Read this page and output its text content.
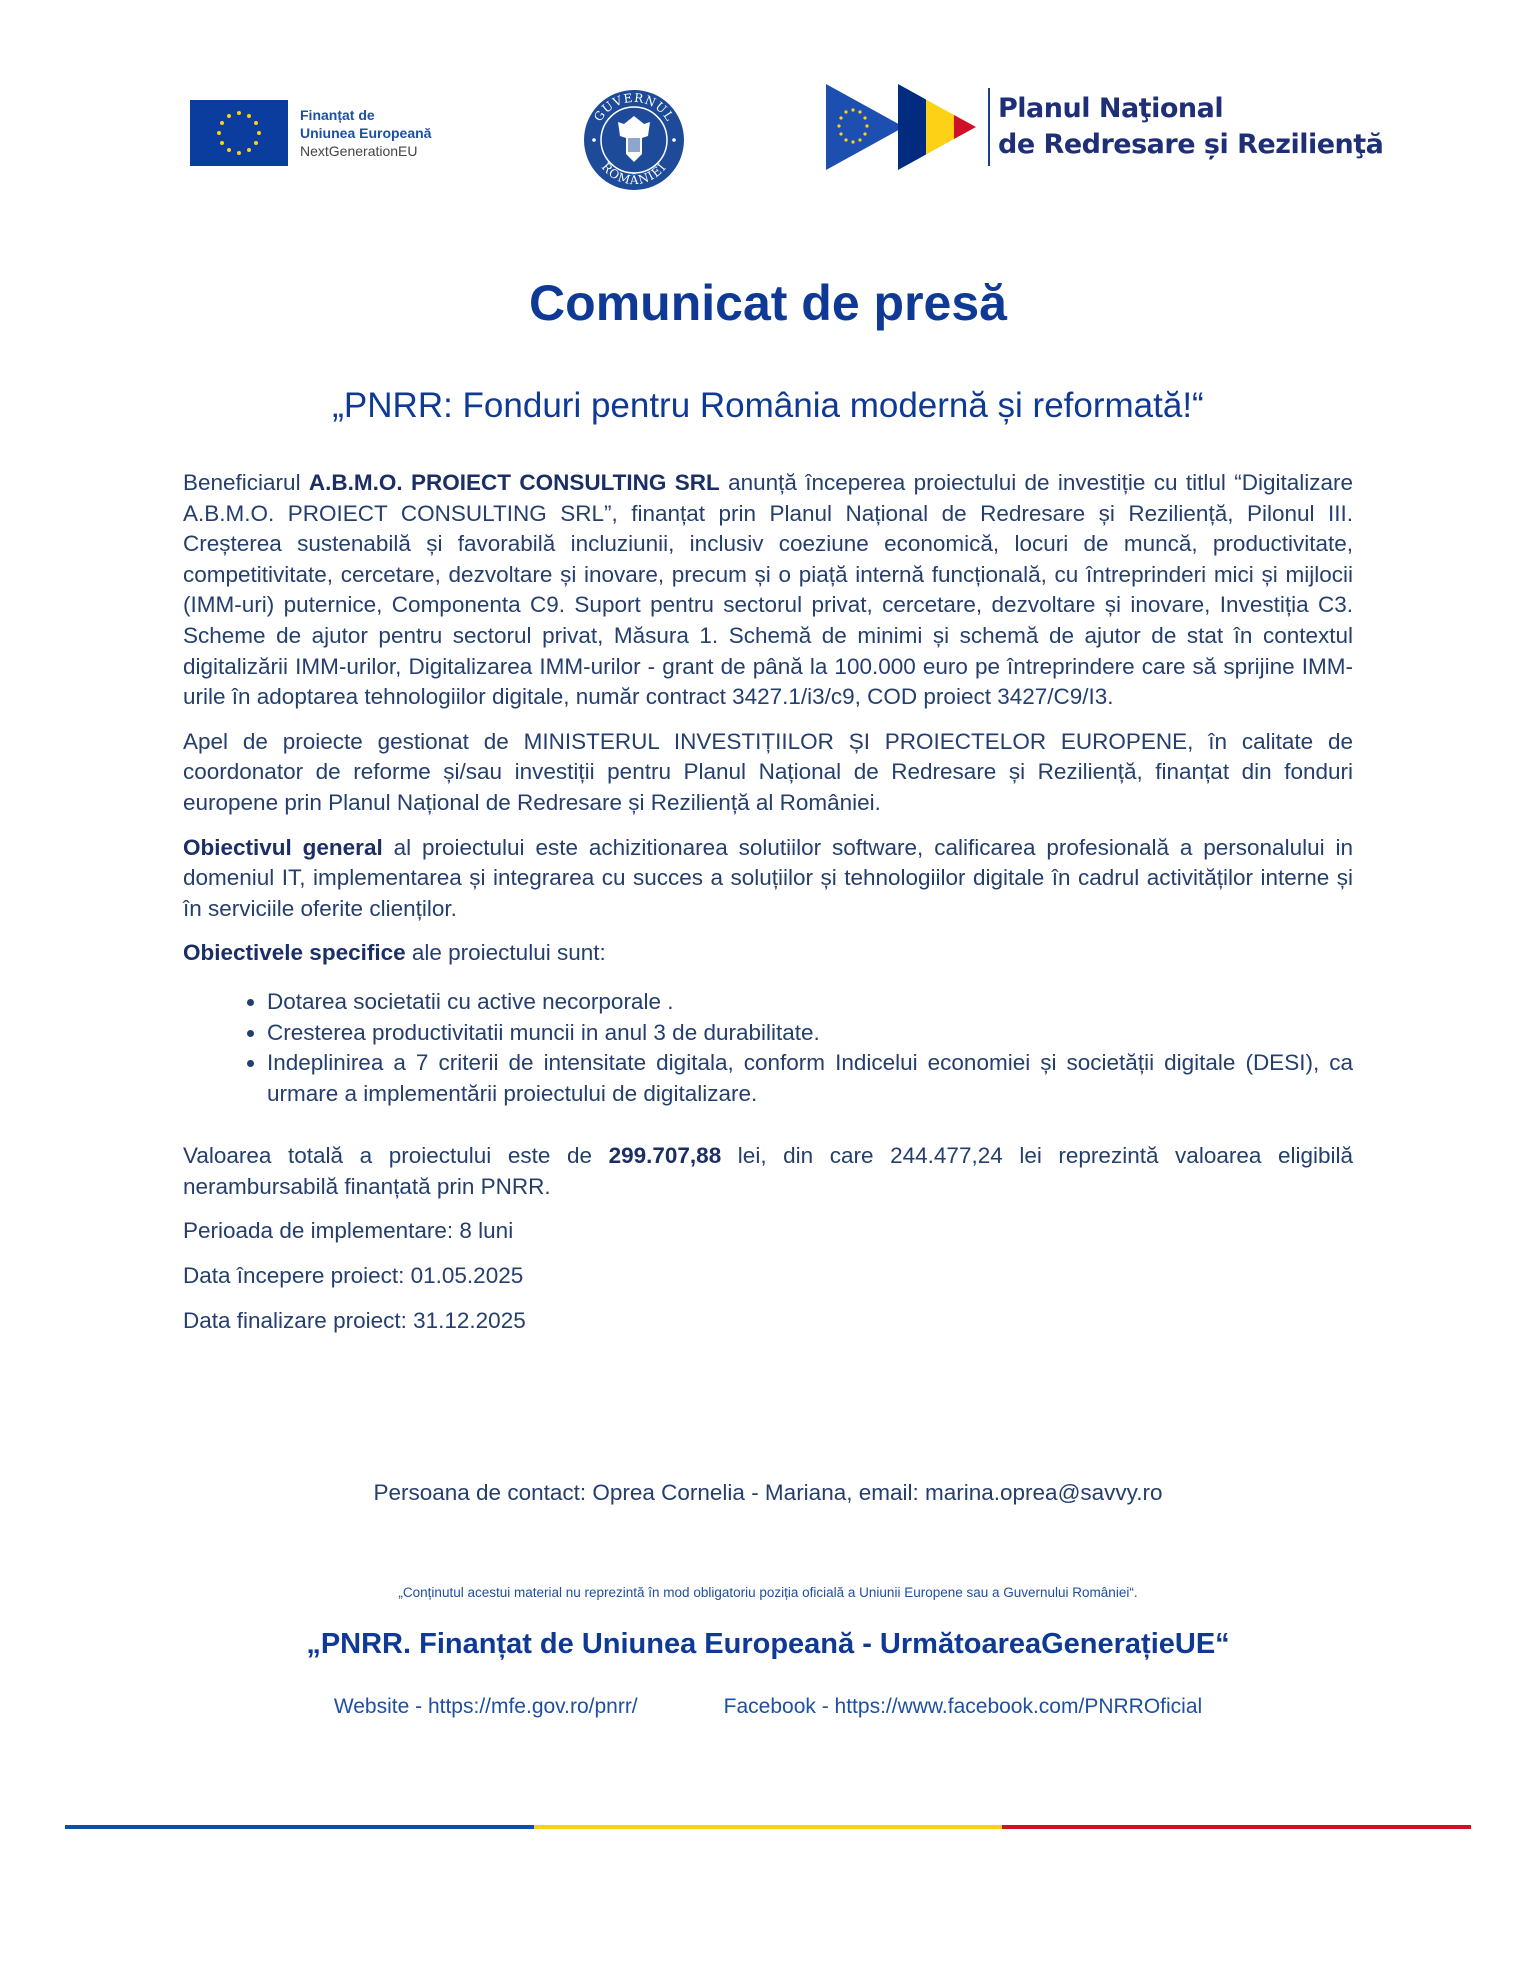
Finanțat de
Uniunea Europeană
NextGenerationEU
GUVERNUL
ROMÂNIEI
Planul Naţional
de Redresare și Rezilienţă
Comunicat de presă
„PNRR: Fonduri pentru România modernă și reformată!“

Beneficiarul A.B.M.O. PROIECT CONSULTING SRL anunță începerea proiectului de investiție cu titlul “Digitalizare A.B.M.O. PROIECT CONSULTING SRL”, finanțat prin Planul Național de Redresare și Reziliență, Pilonul III. Creșterea sustenabilă și favorabilă incluziunii, inclusiv coeziune economică, locuri de muncă, productivitate, competitivitate, cercetare, dezvoltare și inovare, precum și o piață internă funcțională, cu întreprinderi mici și mijlocii (IMM-uri) puternice, Componenta C9. Suport pentru sectorul privat, cercetare, dezvoltare și inovare, Investiția C3. Scheme de ajutor pentru sectorul privat, Măsura 1. Schemă de minimi și schemă de ajutor de stat în contextul digitalizării IMM-urilor, Digitalizarea IMM-urilor - grant de până la 100.000 euro pe întreprindere care să sprijine IMM-urile în adoptarea tehnologiilor digitale, număr contract 3427.1/i3/c9, COD proiect 3427/C9/I3.

Apel de proiecte gestionat de MINISTERUL INVESTIȚIILOR ȘI PROIECTELOR EUROPENE, în calitate de coordonator de reforme și/sau investiții pentru Planul Național de Redresare și Reziliență, finanțat din fonduri europene prin Planul Național de Redresare și Reziliență al României.

Obiectivul general al proiectului este achizitionarea solutiilor software, calificarea profesională a personalului in domeniul IT, implementarea și integrarea cu succes a soluțiilor și tehnologiilor digitale în cadrul activităților interne și în serviciile oferite clienților.

Obiectivele specifice ale proiectului sunt:

• Dotarea societatii cu active necorporale .
• Cresterea productivitatii muncii in anul 3 de durabilitate.
• Indeplinirea a 7 criterii de intensitate digitala, conform Indicelui economiei și societății digitale (DESI), ca urmare a implementării proiectului de digitalizare.

Valoarea totală a proiectului este de 299.707,88 lei, din care 244.477,24 lei reprezintă valoarea eligibilă nerambursabilă finanțată prin PNRR.

Perioada de implementare: 8 luni

Data începere proiect: 01.05.2025

Data finalizare proiect: 31.12.2025

Persoana de contact: Oprea Cornelia - Mariana, email: marina.oprea@savvy.ro
„Conținutul acestui material nu reprezintă în mod obligatoriu poziția oficială a Uniunii Europene sau a Guvernului României“.
„PNRR. Finanțat de Uniunea Europeană - UrmătoareaGenerațieUE“
Website - https://mfe.gov.ro/pnrr/	Facebook - https://www.facebook.com/PNRROficial
